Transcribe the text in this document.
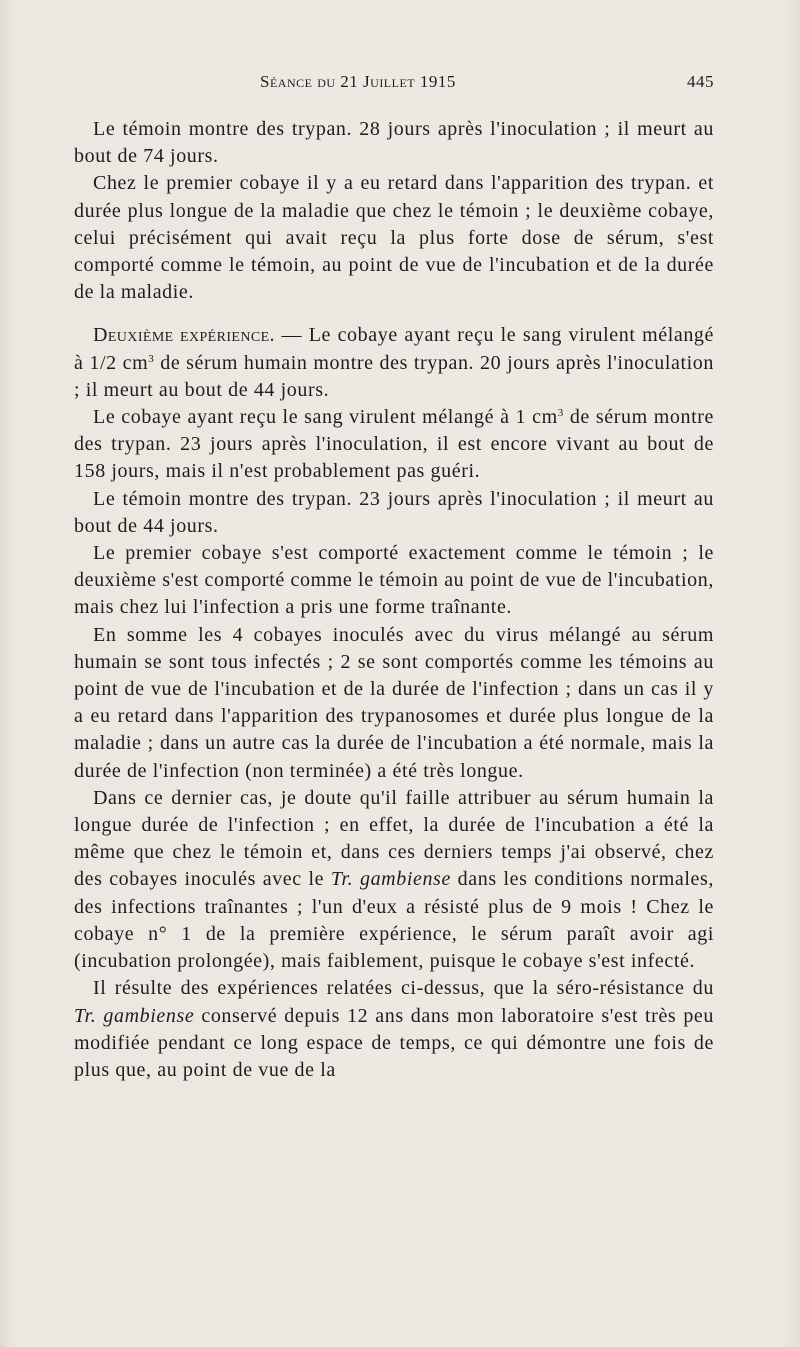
Séance du 21 Juillet 1915	445

Le témoin montre des trypan. 28 jours après l'inoculation ; il meurt au bout de 74 jours.

Chez le premier cobaye il y a eu retard dans l'apparition des trypan. et durée plus longue de la maladie que chez le témoin ; le deuxième cobaye, celui précisément qui avait reçu la plus forte dose de sérum, s'est comporté comme le témoin, au point de vue de l'incubation et de la durée de la maladie.

Deuxième expérience. — Le cobaye ayant reçu le sang virulent mélangé à 1/2 $cm^3$ de sérum humain montre des trypan. 20 jours après l'inoculation ; il meurt au bout de 44 jours.

Le cobaye ayant reçu le sang virulent mélangé à 1 $cm^3$ de sérum montre des trypan. 23 jours après l'inoculation, il est encore vivant au bout de 158 jours, mais il n'est probablement pas guéri.

Le témoin montre des trypan. 23 jours après l'inoculation ; il meurt au bout de 44 jours.

Le premier cobaye s'est comporté exactement comme le témoin ; le deuxième s'est comporté comme le témoin au point de vue de l'incubation, mais chez lui l'infection a pris une forme traînante.

En somme les 4 cobayes inoculés avec du virus mélangé au sérum humain se sont tous infectés ; 2 se sont comportés comme les témoins au point de vue de l'incubation et de la durée de l'infection ; dans un cas il y a eu retard dans l'apparition des trypanosomes et durée plus longue de la maladie ; dans un autre cas la durée de l'incubation a été normale, mais la durée de l'infection (non terminée) a été très longue.

Dans ce dernier cas, je doute qu'il faille attribuer au sérum humain la longue durée de l'infection ; en effet, la durée de l'incubation a été la même que chez le témoin et, dans ces derniers temps j'ai observé, chez des cobayes inoculés avec le Tr. gambiense dans les conditions normales, des infections traînantes ; l'un d'eux a résisté plus de 9 mois ! Chez le cobaye n° 1 de la première expérience, le sérum paraît avoir agi (incubation prolongée), mais faiblement, puisque le cobaye s'est infecté.

Il résulte des expériences relatées ci-dessus, que la séro-résistance du Tr. gambiense conservé depuis 12 ans dans mon laboratoire s'est très peu modifiée pendant ce long espace de temps, ce qui démontre une fois de plus que, au point de vue de la
